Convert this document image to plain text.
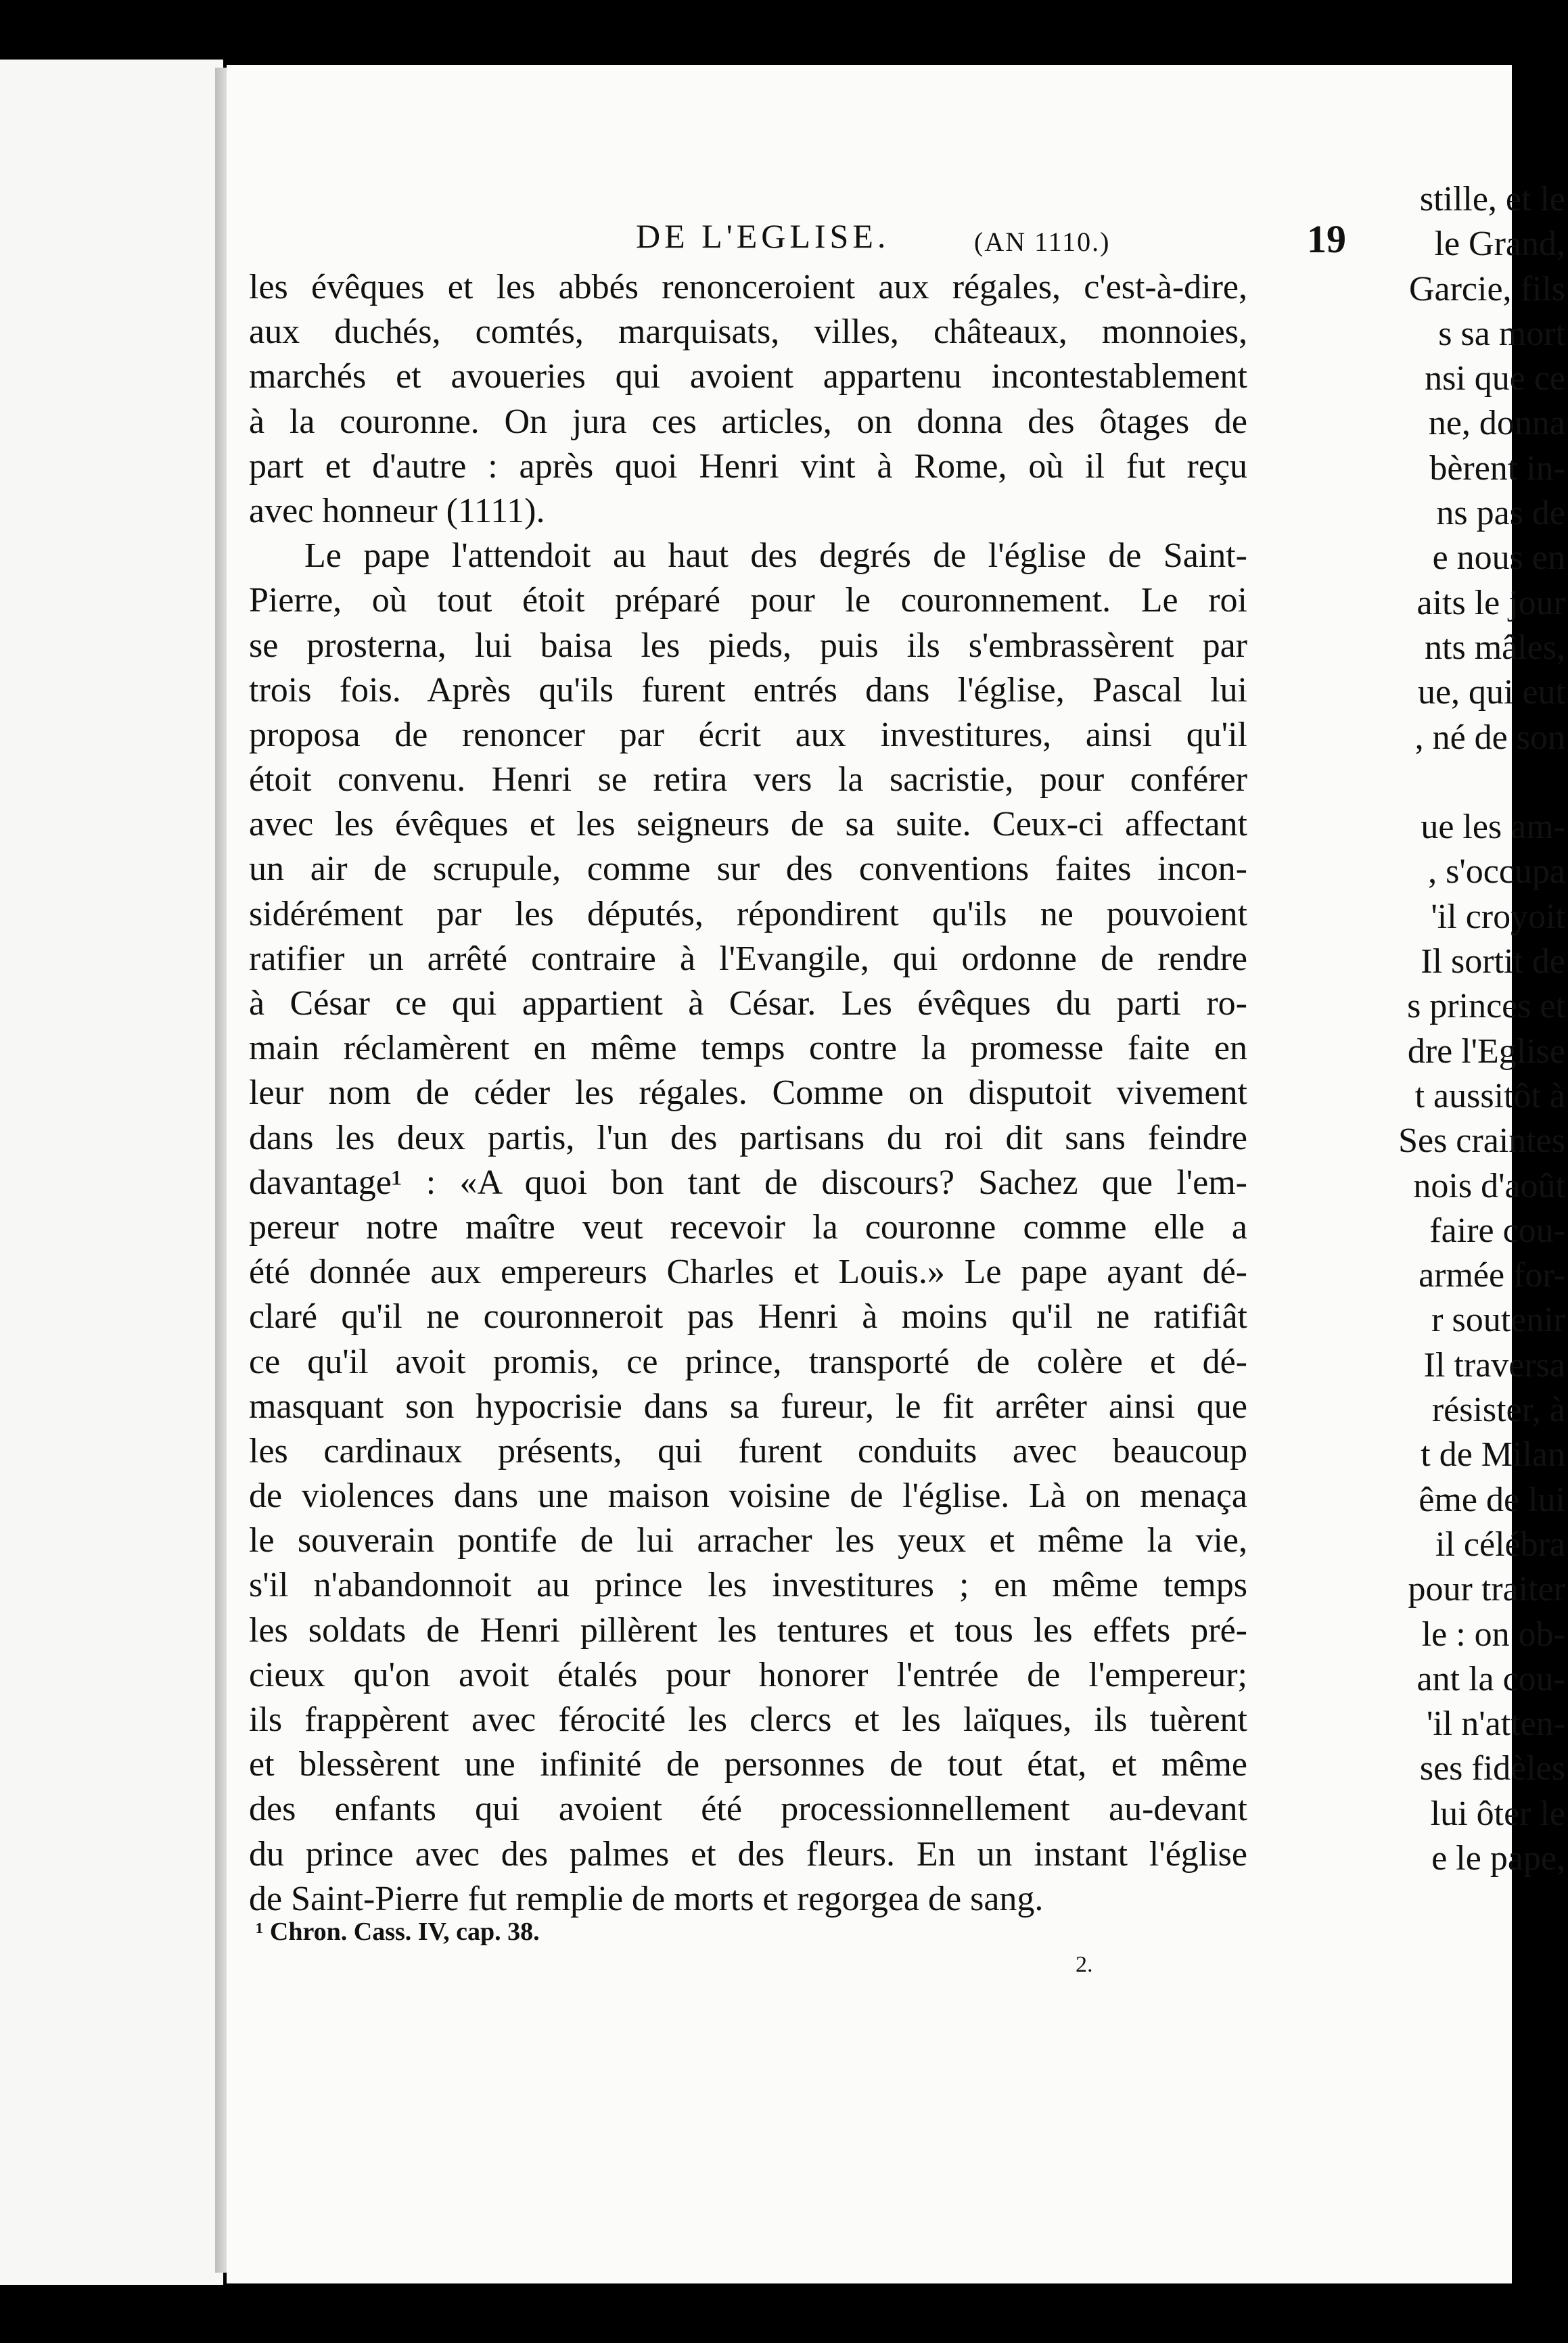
stille, et le
le Grand,
Garcie, fils
s sa mort
nsi que ce
ne, donna
bèrent in-
ns pas de
e nous en
aits le jour
nts mâles,
ue, qui eut
, né de son
ue les am-
, s'occupa
'il croyoit
Il sortit de
s princes et
dre l'Eglise
t aussitôt à
Ses craintes
nois d'août
faire cou-
armée for-
r soutenir
Il traversa
résister, à
t de Milan
ême de lui
il célébra
pour traiter
le : on ob-
ant la cou-
'il n'atten-
ses fidèles
lui ôter le
e le pape,
DE L'EGLISE.	(AN 1110.)	19
les évêques et les abbés renonceroient aux régales, c'est-à-dire,
aux duchés, comtés, marquisats, villes, châteaux, monnoies,
marchés et avoueries qui avoient appartenu incontestablement
à la couronne. On jura ces articles, on donna des ôtages de
part et d'autre : après quoi Henri vint à Rome, où il fut reçu
avec honneur (1111).
Le pape l'attendoit au haut des degrés de l'église de Saint-
Pierre, où tout étoit préparé pour le couronnement. Le roi
se prosterna, lui baisa les pieds, puis ils s'embrassèrent par
trois fois. Après qu'ils furent entrés dans l'église, Pascal lui
proposa de renoncer par écrit aux investitures, ainsi qu'il
étoit convenu. Henri se retira vers la sacristie, pour conférer
avec les évêques et les seigneurs de sa suite. Ceux-ci affectant
un air de scrupule, comme sur des conventions faites incon-
sidérément par les députés, répondirent qu'ils ne pouvoient
ratifier un arrêté contraire à l'Evangile, qui ordonne de rendre
à César ce qui appartient à César. Les évêques du parti ro-
main réclamèrent en même temps contre la promesse faite en
leur nom de céder les régales. Comme on disputoit vivement
dans les deux partis, l'un des partisans du roi dit sans feindre
davantage¹ : «A quoi bon tant de discours? Sachez que l'em-
pereur notre maître veut recevoir la couronne comme elle a
été donnée aux empereurs Charles et Louis.» Le pape ayant dé-
claré qu'il ne couronneroit pas Henri à moins qu'il ne ratifiât
ce qu'il avoit promis, ce prince, transporté de colère et dé-
masquant son hypocrisie dans sa fureur, le fit arrêter ainsi que
les cardinaux présents, qui furent conduits avec beaucoup
de violences dans une maison voisine de l'église. Là on menaça
le souverain pontife de lui arracher les yeux et même la vie,
s'il n'abandonnoit au prince les investitures ; en même temps
les soldats de Henri pillèrent les tentures et tous les effets pré-
cieux qu'on avoit étalés pour honorer l'entrée de l'empereur;
ils frappèrent avec férocité les clercs et les laïques, ils tuèrent
et blessèrent une infinité de personnes de tout état, et même
des enfants qui avoient été processionnellement au-devant
du prince avec des palmes et des fleurs. En un instant l'église
de Saint-Pierre fut remplie de morts et regorgea de sang.
¹ Chron. Cass. IV, cap. 38.
2.
